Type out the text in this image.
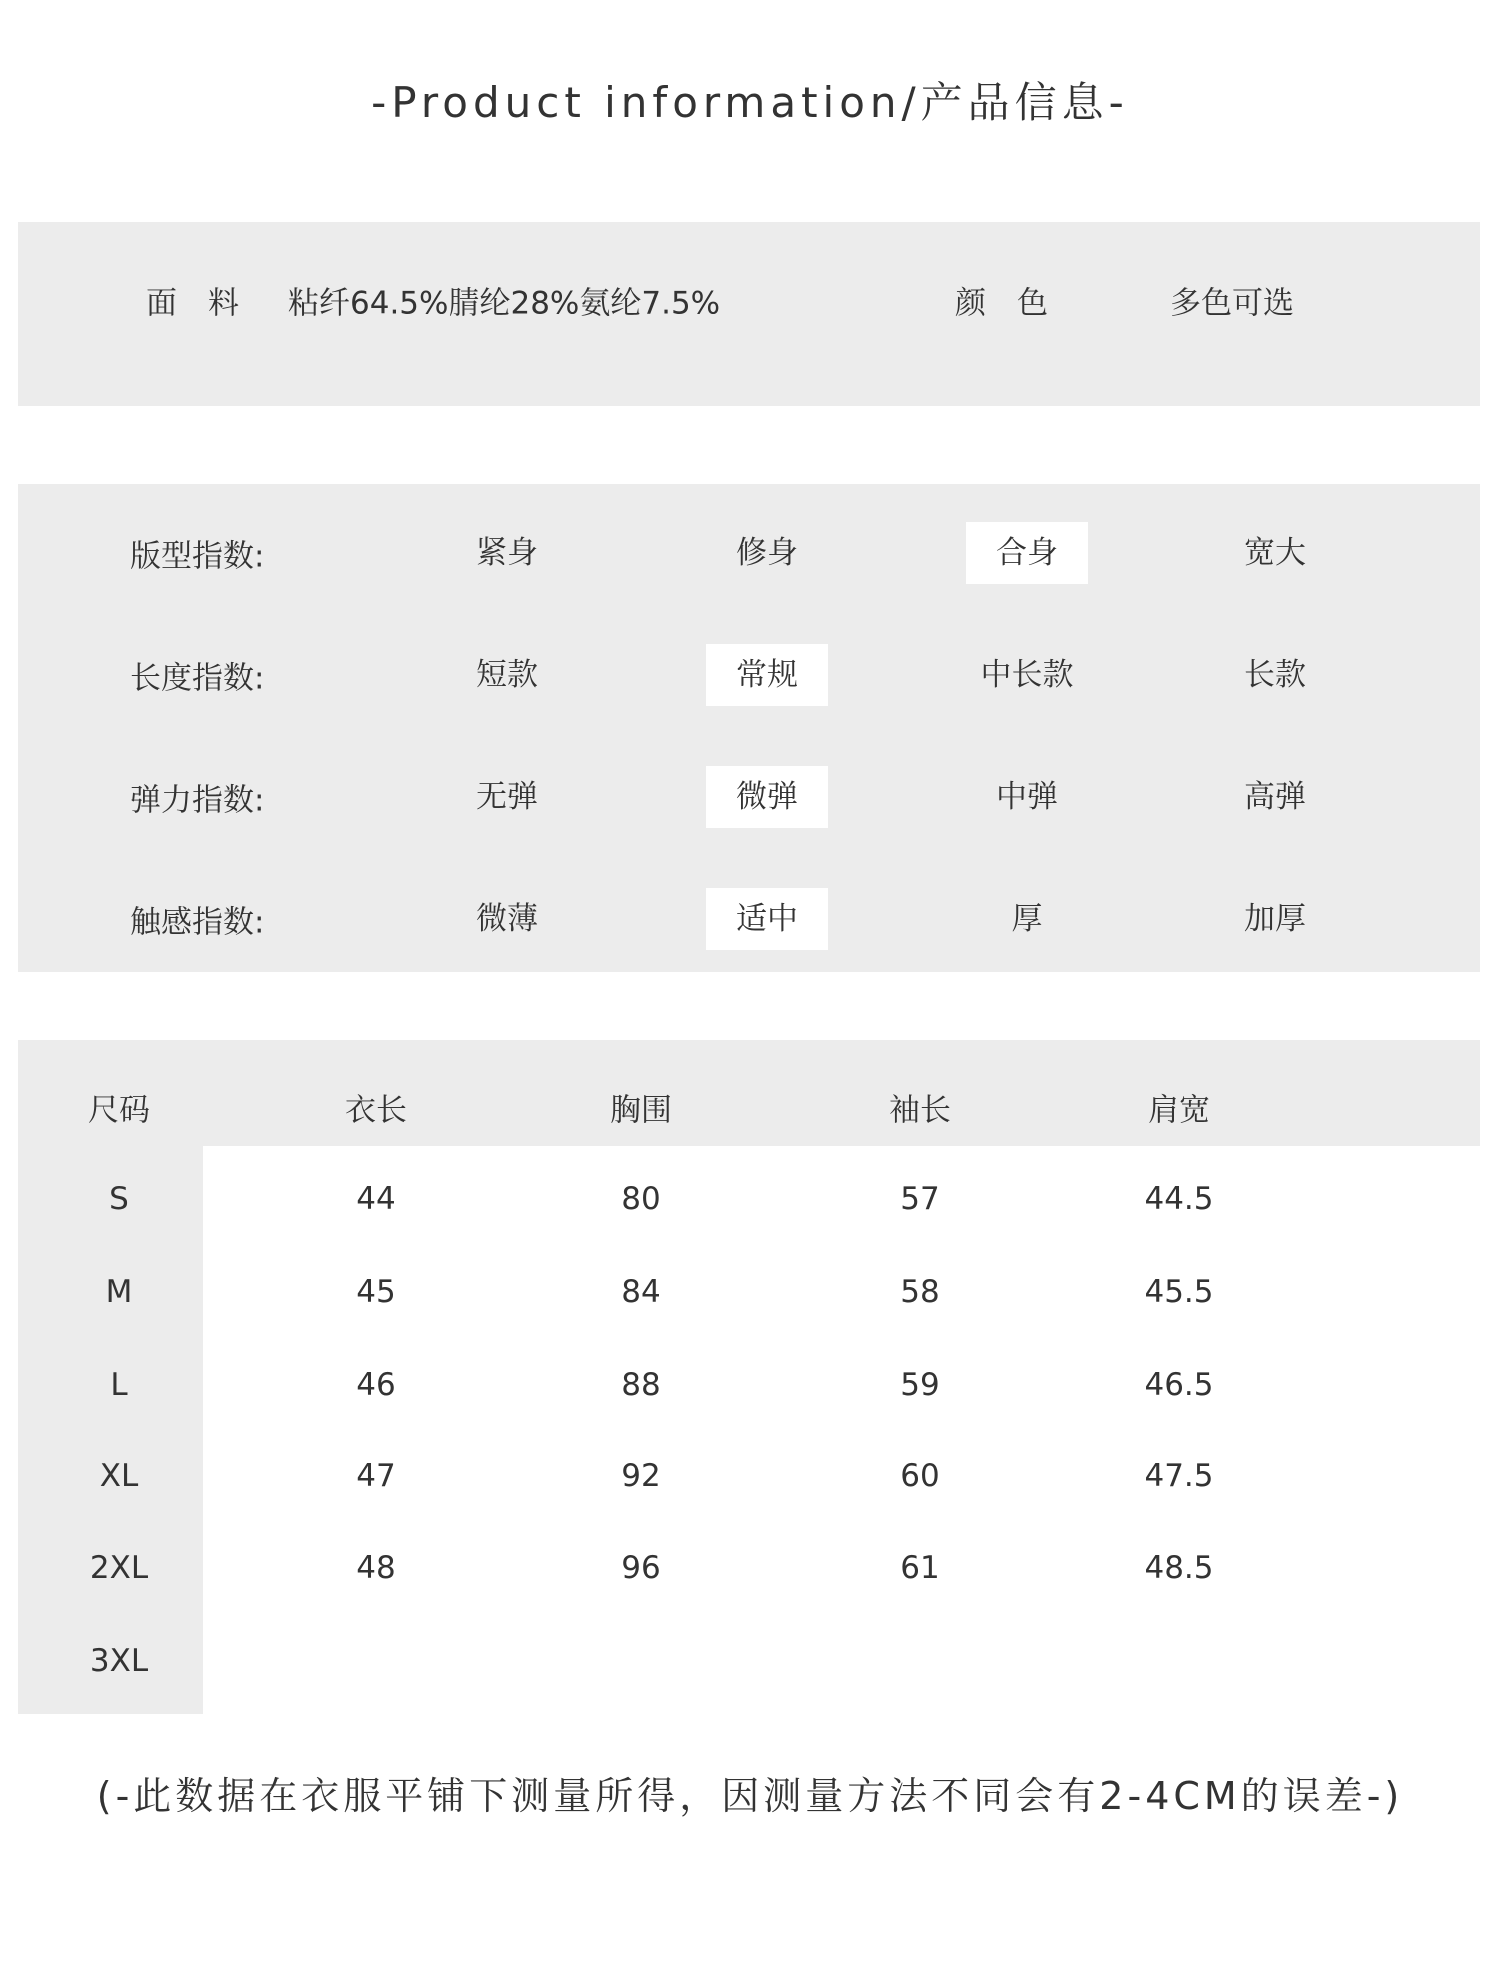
-Product information/产品信息-
面　料 粘纤64.5%腈纶28%氨纶7.5%	颜　色	多色可选
版型指数:	紧身	修身	合身	宽大
长度指数:	短款	常规	中长款	长款
弹力指数:	无弹	微弹	中弹	高弹
触感指数:	微薄	适中	厚	加厚
尺码	衣长	胸围	袖长	肩宽
S	44	80	57	44.5
M	45	84	58	45.5
L	46	88	59	46.5
XL	47	92	60	47.5
2XL	48	96	61	48.5
3XL
(-此数据在衣服平铺下测量所得，因测量方法不同会有2-4CM的误差-)
